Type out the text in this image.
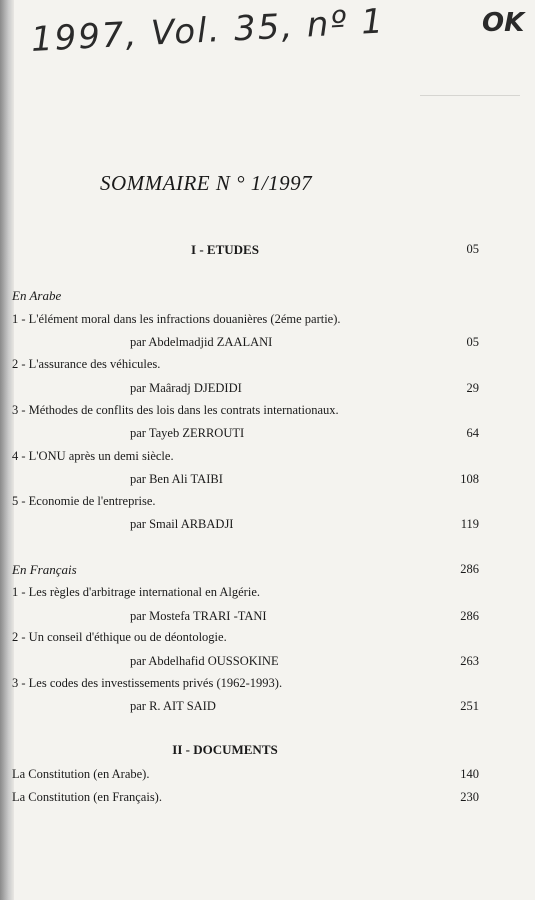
1997, Vol. 35, nº 1	OK
SOMMAIRE N ° 1/1997
I - ETUDES	05
En Arabe
1 - L'élément moral dans les infractions douanières (2éme partie).
par Abdelmadjid ZAALANI	05
2 - L'assurance des véhicules.
par Maâradj DJEDIDI	29
3 - Méthodes de conflits des lois dans les contrats internationaux.
par Tayeb ZERROUTI	64
4 - L'ONU après un demi siècle.
par Ben Ali TAIBI	108
5 - Economie de l'entreprise.
par Smail ARBADJI	119
En Français	286
1 - Les règles d'arbitrage international en Algérie.
par Mostefa TRARI -TANI	286
2 - Un conseil d'éthique ou de déontologie.
par Abdelhafid OUSSOKINE	263
3 - Les codes des investissements privés (1962-1993).
par R. AIT SAID	251
II - DOCUMENTS
La Constitution (en Arabe).	140
La Constitution (en Français).	230
